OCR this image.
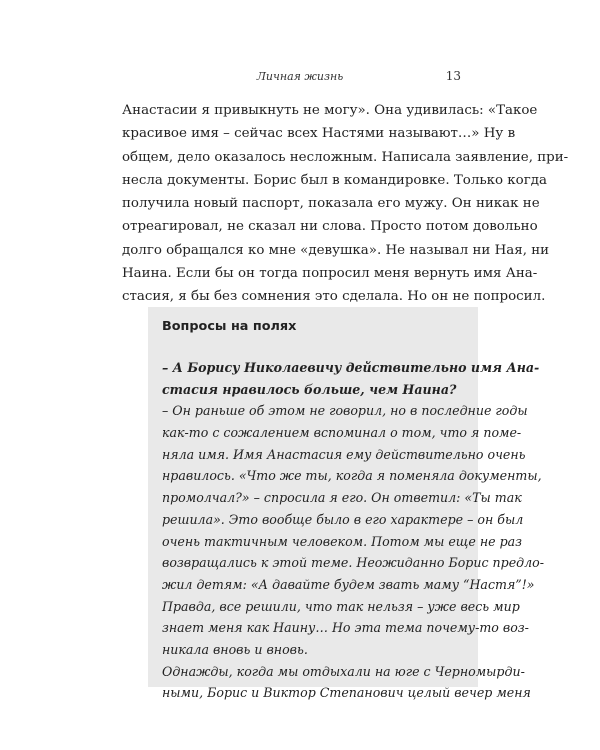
Личная жизнь	13
Анастасии я привыкнуть не могу». Она удивилась: «Такое
красивое имя – сейчас всех Настями называют…» Ну в
общем, дело оказалось несложным. Написала заявление, при-
несла документы. Борис был в командировке. Только когда
получила новый паспорт, показала его мужу. Он никак не
отреагировал, не сказал ни слова. Просто потом довольно
долго обращался ко мне «девушка». Не называл ни Ная, ни
Наина. Если бы он тогда попросил меня вернуть имя Ана-
стасия, я бы без сомнения это сделала. Но он не попросил.
Вопросы на полях
– А Борису Николаевичу действительно имя Ана-
стасия нравилось больше, чем Наина?
– Он раньше об этом не говорил, но в последние годы
как-то с сожалением вспоминал о том, что я поме-
няла имя. Имя Анастасия ему действительно очень
нравилось. «Что же ты, когда я поменяла документы,
промолчал?» – спросила я его. Он ответил: «Ты так
решила». Это вообще было в его характере – он был
очень тактичным человеком. Потом мы еще не раз
возвращались к этой теме. Неожиданно Борис предло-
жил детям: «А давайте будем звать маму “Настя”!»
Правда, все решили, что так нельзя – уже весь мир
знает меня как Наину… Но эта тема почему-то воз-
никала вновь и вновь.
Однажды, когда мы отдыхали на юге с Черномырди-
ными, Борис и Виктор Степанович целый вечер меня
